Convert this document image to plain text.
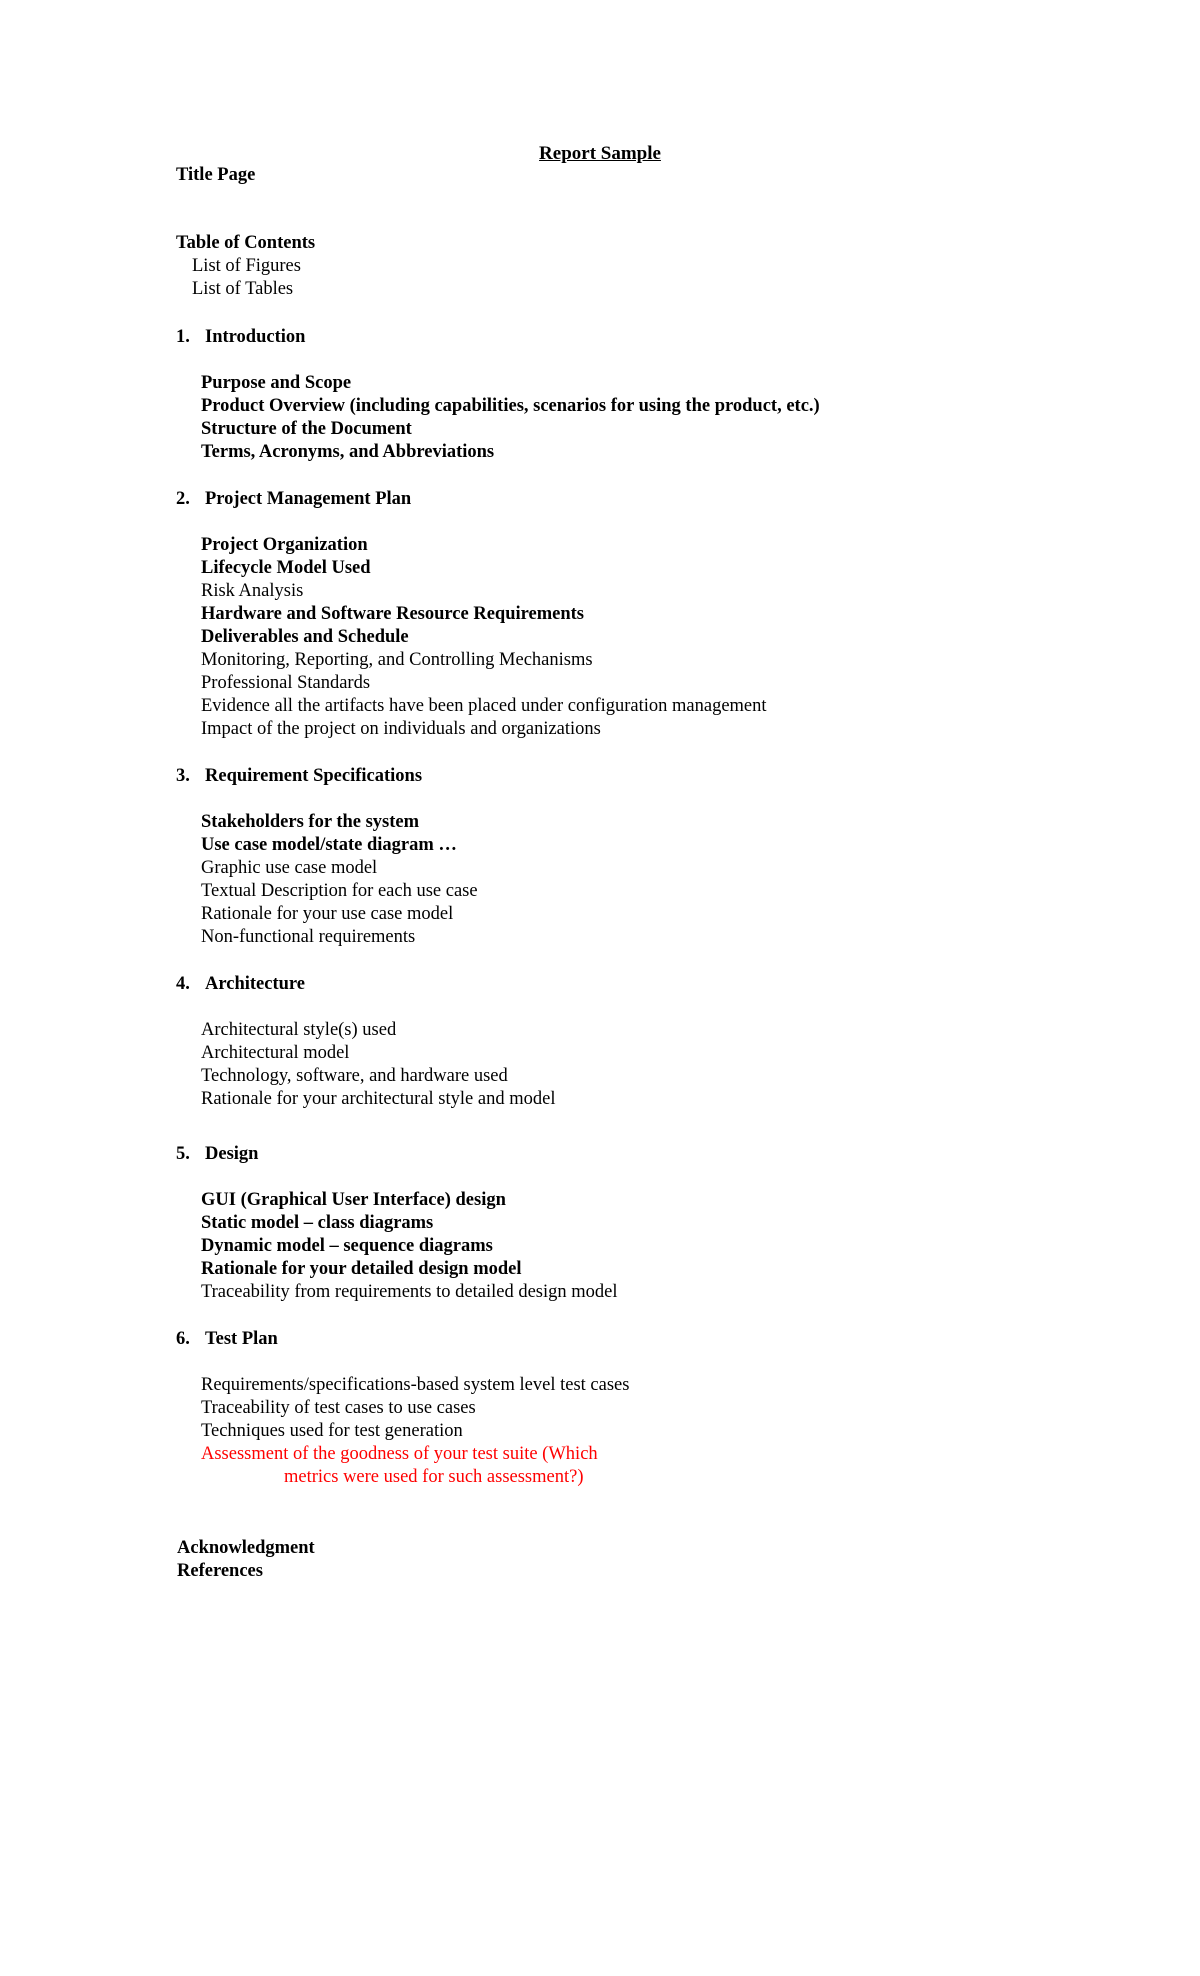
Report Sample
Title Page
Table of Contents
List of Figures
List of Tables
1. Introduction
Purpose and Scope
Product Overview (including capabilities, scenarios for using the product, etc.)
Structure of the Document
Terms, Acronyms, and Abbreviations
2. Project Management Plan
Project Organization
Lifecycle Model Used
Risk Analysis
Hardware and Software Resource Requirements
Deliverables and Schedule
Monitoring, Reporting, and Controlling Mechanisms
Professional Standards
Evidence all the artifacts have been placed under configuration management
Impact of the project on individuals and organizations
3. Requirement Specifications
Stakeholders for the system
Use case model/state diagram …
Graphic use case model
Textual Description for each use case
Rationale for your use case model
Non-functional requirements
4. Architecture
Architectural style(s) used
Architectural model
Technology, software, and hardware used
Rationale for your architectural style and model
5. Design
GUI (Graphical User Interface) design
Static model – class diagrams
Dynamic model – sequence diagrams
Rationale for your detailed design model
Traceability from requirements to detailed design model
6. Test Plan
Requirements/specifications-based system level test cases
Traceability of test cases to use cases
Techniques used for test generation
Assessment of the goodness of your test suite (Which
metrics were used for such assessment?)
Acknowledgment
References
